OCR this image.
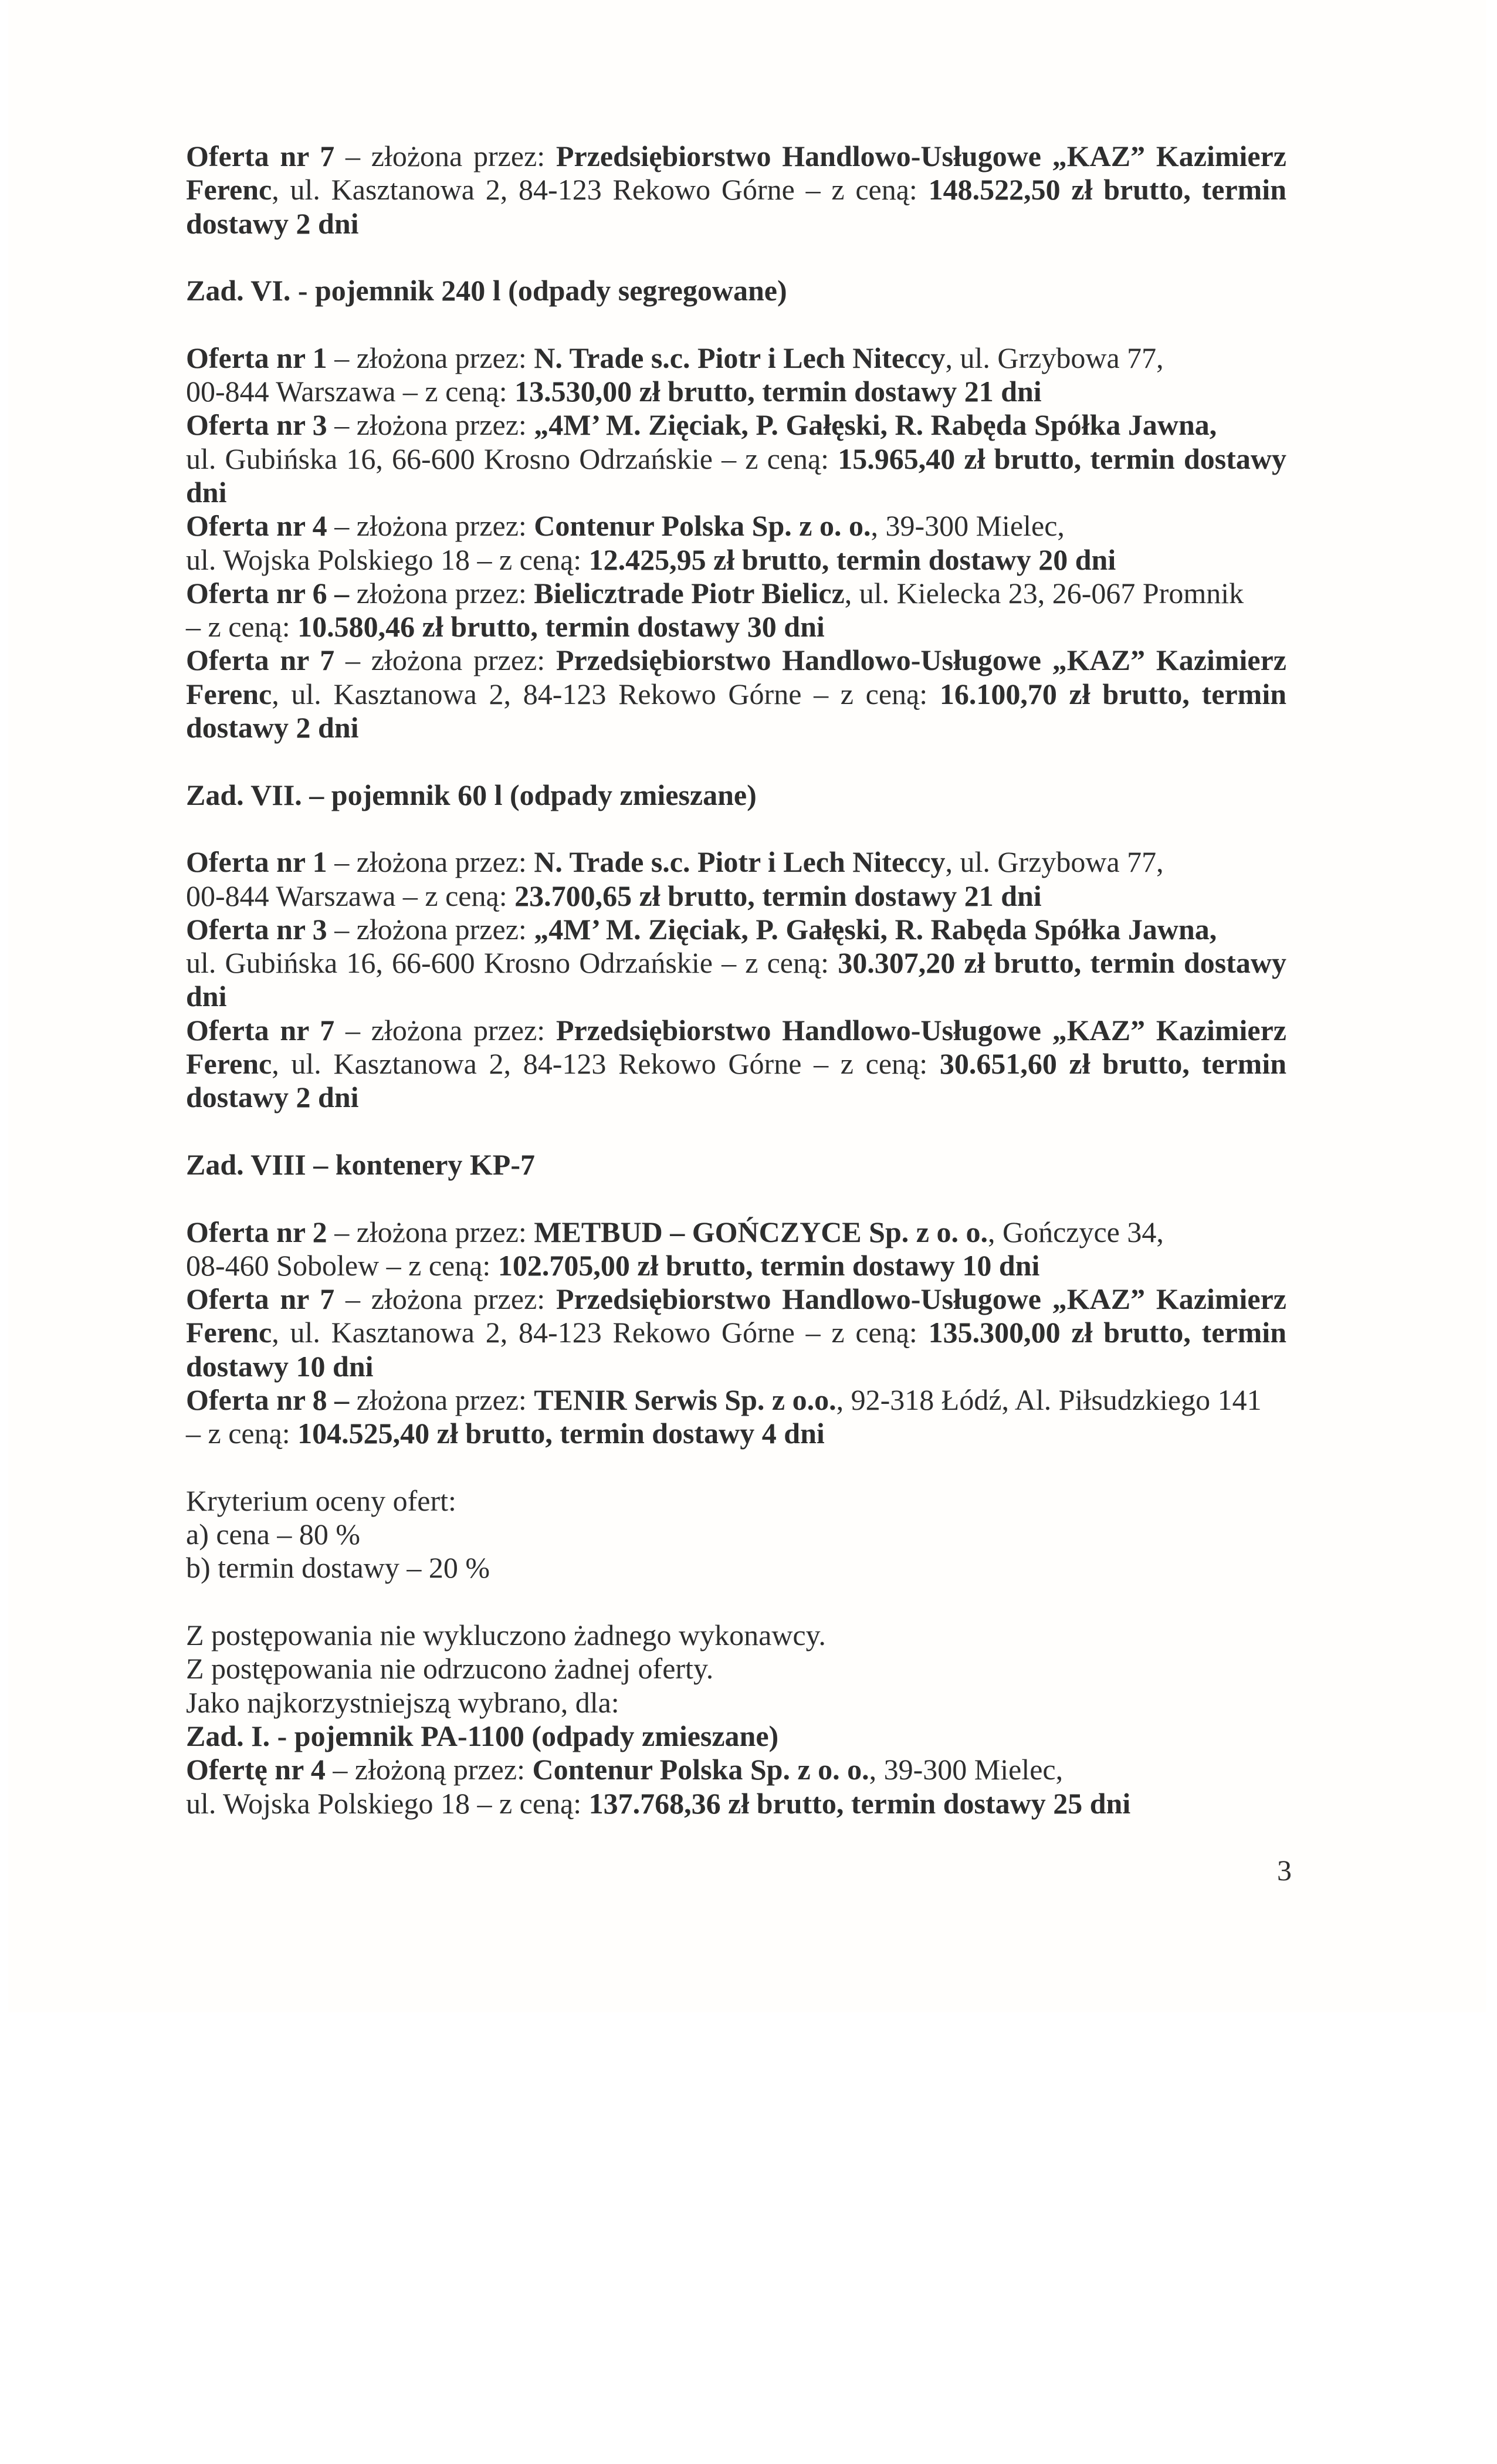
Oferta nr 7 – złożona przez: Przedsiębiorstwo Handlowo-Usługowe „KAZ” Kazimierz
Ferenc, ul. Kasztanowa 2, 84-123 Rekowo Górne – z ceną: 148.522,50 zł brutto, termin
dostawy 2 dni
Zad. VI. - pojemnik 240 l (odpady segregowane)
Oferta nr 1 – złożona przez: N. Trade s.c. Piotr i Lech Niteccy, ul. Grzybowa 77,
00-844 Warszawa – z ceną: 13.530,00 zł brutto, termin dostawy 21 dni
Oferta nr 3 – złożona przez: „4M’ M. Zięciak, P. Gałęski, R. Rabęda Spółka Jawna,
ul. Gubińska 16, 66-600 Krosno Odrzańskie – z ceną: 15.965,40 zł brutto, termin dostawy
dni
Oferta nr 4 – złożona przez: Contenur Polska Sp. z o. o., 39-300 Mielec,
ul. Wojska Polskiego 18 – z ceną: 12.425,95 zł brutto, termin dostawy 20 dni
Oferta nr 6 – złożona przez: Bielicztrade Piotr Bielicz, ul. Kielecka 23, 26-067 Promnik
– z ceną: 10.580,46 zł brutto, termin dostawy 30 dni
Oferta nr 7 – złożona przez: Przedsiębiorstwo Handlowo-Usługowe „KAZ” Kazimierz
Ferenc, ul. Kasztanowa 2, 84-123 Rekowo Górne – z ceną: 16.100,70 zł brutto, termin
dostawy 2 dni
Zad. VII. – pojemnik 60 l (odpady zmieszane)
Oferta nr 1 – złożona przez: N. Trade s.c. Piotr i Lech Niteccy, ul. Grzybowa 77,
00-844 Warszawa – z ceną: 23.700,65 zł brutto, termin dostawy 21 dni
Oferta nr 3 – złożona przez: „4M’ M. Zięciak, P. Gałęski, R. Rabęda Spółka Jawna,
ul. Gubińska 16, 66-600 Krosno Odrzańskie – z ceną: 30.307,20 zł brutto, termin dostawy
dni
Oferta nr 7 – złożona przez: Przedsiębiorstwo Handlowo-Usługowe „KAZ” Kazimierz
Ferenc, ul. Kasztanowa 2, 84-123 Rekowo Górne – z ceną: 30.651,60 zł brutto, termin
dostawy 2 dni
Zad. VIII – kontenery KP-7
Oferta nr 2 – złożona przez: METBUD – GOŃCZYCE Sp. z o. o., Gończyce 34,
08-460 Sobolew – z ceną: 102.705,00 zł brutto, termin dostawy 10 dni
Oferta nr 7 – złożona przez: Przedsiębiorstwo Handlowo-Usługowe „KAZ” Kazimierz
Ferenc, ul. Kasztanowa 2, 84-123 Rekowo Górne – z ceną: 135.300,00 zł brutto, termin
dostawy 10 dni
Oferta nr 8 – złożona przez: TENIR Serwis Sp. z o.o., 92-318 Łódź, Al. Piłsudzkiego 141
– z ceną: 104.525,40 zł brutto, termin dostawy 4 dni
Kryterium oceny ofert:
a) cena – 80 %
b) termin dostawy – 20 %
Z postępowania nie wykluczono żadnego wykonawcy.
Z postępowania nie odrzucono żadnej oferty.
Jako najkorzystniejszą wybrano, dla:
Zad. I. - pojemnik PA-1100 (odpady zmieszane)
Ofertę nr 4 – złożoną przez: Contenur Polska Sp. z o. o., 39-300 Mielec,
ul. Wojska Polskiego 18 – z ceną: 137.768,36 zł brutto, termin dostawy 25 dni
3
